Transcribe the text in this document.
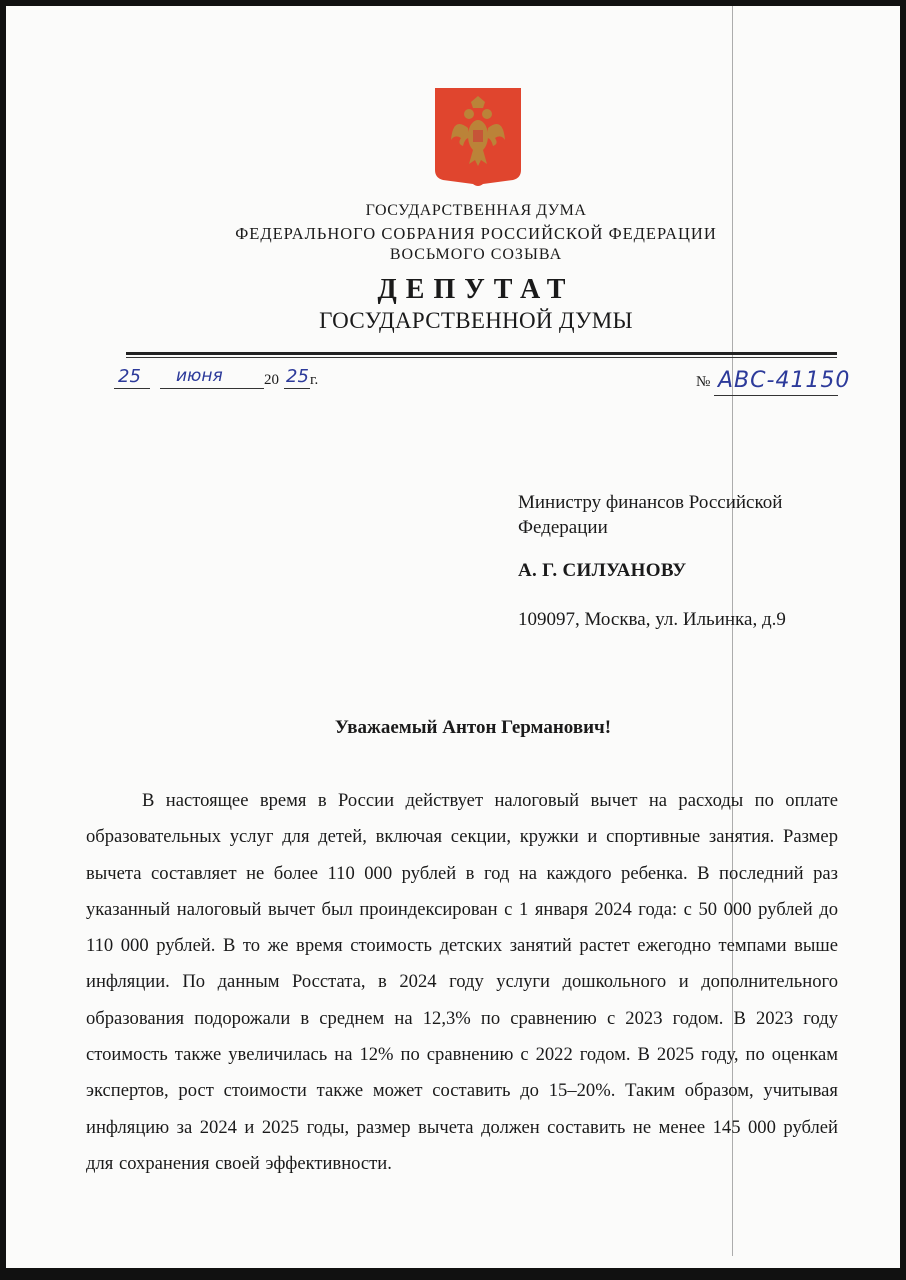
ГОСУДАРСТВЕННАЯ ДУМА
ФЕДЕРАЛЬНОГО СОБРАНИЯ РОССИЙСКОЙ ФЕДЕРАЦИИ
ВОСЬМОГО СОЗЫВА
ДЕПУТАТ
ГОСУДАРСТВЕННОЙ ДУМЫ
25 июня	20 25 г.	№ АВС-41150
Министру финансов Российской Федерации
А. Г. СИЛУАНОВУ
109097, Москва, ул. Ильинка, д.9
Уважаемый Антон Германович!
В настоящее время в России действует налоговый вычет на расходы по оплате образовательных услуг для детей, включая секции, кружки и спортивные занятия. Размер вычета составляет не более 110 000 рублей в год на каждого ребенка. В последний раз указанный налоговый вычет был проиндексирован с 1 января 2024 года: с 50 000 рублей до 110 000 рублей. В то же время стоимость детских занятий растет ежегодно темпами выше инфляции. По данным Росстата, в 2024 году услуги дошкольного и дополнительного образования подорожали в среднем на 12,3% по сравнению с 2023 годом. В 2023 году стоимость также увеличилась на 12% по сравнению с 2022 годом. В 2025 году, по оценкам экспертов, рост стоимости также может составить до 15–20%. Таким образом, учитывая инфляцию за 2024 и 2025 годы, размер вычета должен составить не менее 145 000 рублей для сохранения своей эффективности.
